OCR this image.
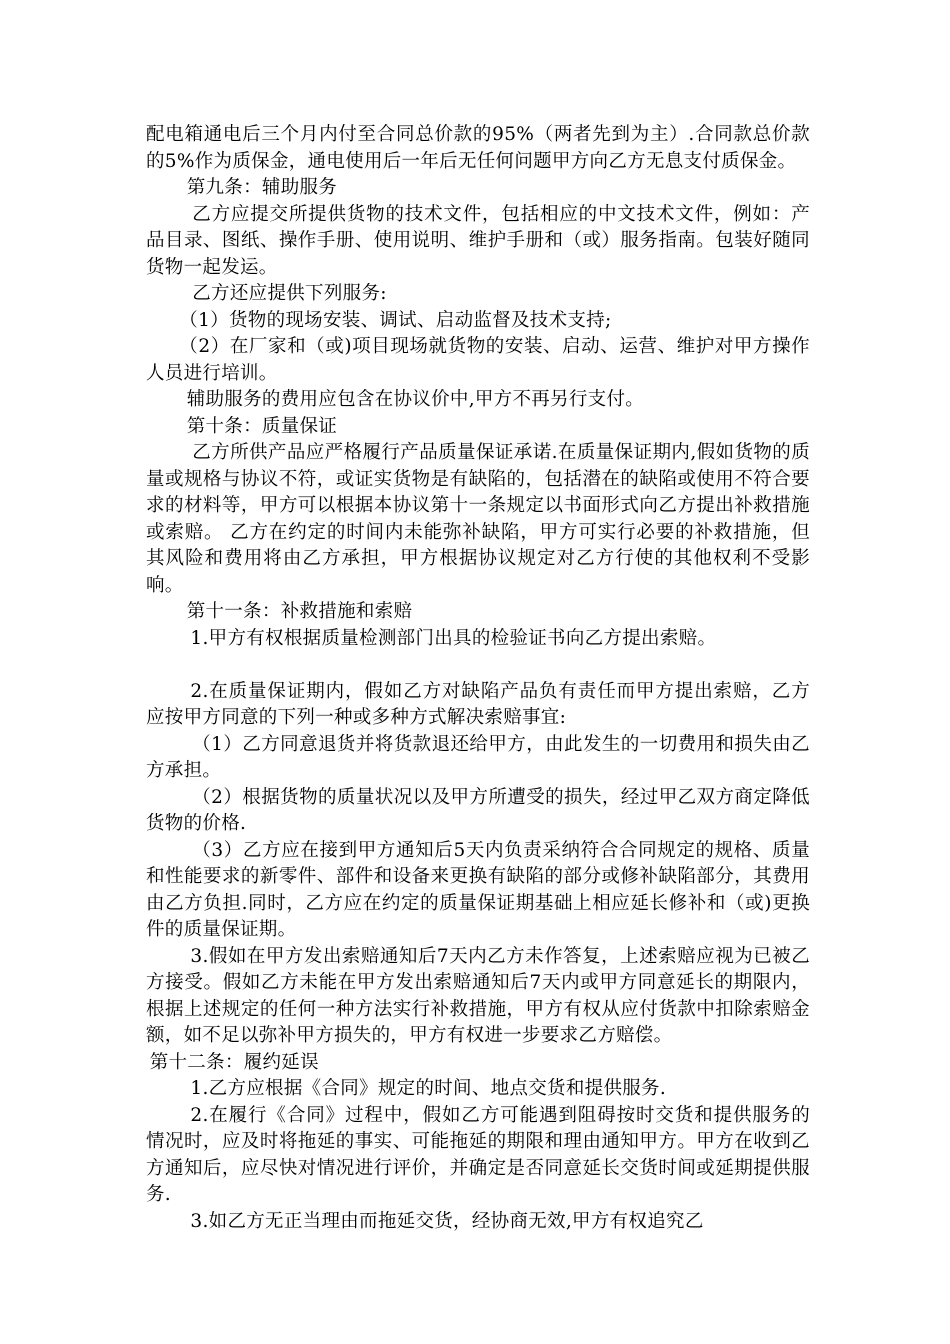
配电箱通电后三个月内付至合同总价款的95%（两者先到为主）.合同款总价款的5%作为质保金，通电使用后一年后无任何问题甲方向乙方无息支付质保金。

第九条：辅助服务

乙方应提交所提供货物的技术文件，包括相应的中文技术文件，例如：产品目录、图纸、操作手册、使用说明、维护手册和（或）服务指南。包装好随同货物一起发运。

乙方还应提供下列服务:

（1）货物的现场安装、调试、启动监督及技术支持;

（2）在厂家和（或)项目现场就货物的安装、启动、运营、维护对甲方操作人员进行培训。

辅助服务的费用应包含在协议价中,甲方不再另行支付。

第十条：质量保证

乙方所供产品应严格履行产品质量保证承诺.在质量保证期内,假如货物的质量或规格与协议不符，或证实货物是有缺陷的，包括潜在的缺陷或使用不符合要求的材料等，甲方可以根据本协议第十一条规定以书面形式向乙方提出补救措施或索赔。 乙方在约定的时间内未能弥补缺陷，甲方可实行必要的补救措施，但其风险和费用将由乙方承担，甲方根据协议规定对乙方行使的其他权利不受影响。

第十一条：补救措施和索赔

1.甲方有权根据质量检测部门出具的检验证书向乙方提出索赔。

2.在质量保证期内，假如乙方对缺陷产品负有责任而甲方提出索赔，乙方应按甲方同意的下列一种或多种方式解决索赔事宜:

（1）乙方同意退货并将货款退还给甲方，由此发生的一切费用和损失由乙方承担。

（2）根据货物的质量状况以及甲方所遭受的损失，经过甲乙双方商定降低货物的价格.

（3）乙方应在接到甲方通知后5天内负责采纳符合合同规定的规格、质量和性能要求的新零件、部件和设备来更换有缺陷的部分或修补缺陷部分，其费用由乙方负担.同时，乙方应在约定的质量保证期基础上相应延长修补和（或)更换件的质量保证期。

3.假如在甲方发出索赔通知后7天内乙方未作答复，上述索赔应视为已被乙方接受。假如乙方未能在甲方发出索赔通知后7天内或甲方同意延长的期限内，根据上述规定的任何一种方法实行补救措施，甲方有权从应付货款中扣除索赔金额，如不足以弥补甲方损失的，甲方有权进一步要求乙方赔偿。

第十二条：履约延误

1.乙方应根据《合同》规定的时间、地点交货和提供服务.

2.在履行《合同》过程中，假如乙方可能遇到阻碍按时交货和提供服务的情况时，应及时将拖延的事实、可能拖延的期限和理由通知甲方。甲方在收到乙方通知后，应尽快对情况进行评价，并确定是否同意延长交货时间或延期提供服务.

3.如乙方无正当理由而拖延交货，经协商无效,甲方有权追究乙
